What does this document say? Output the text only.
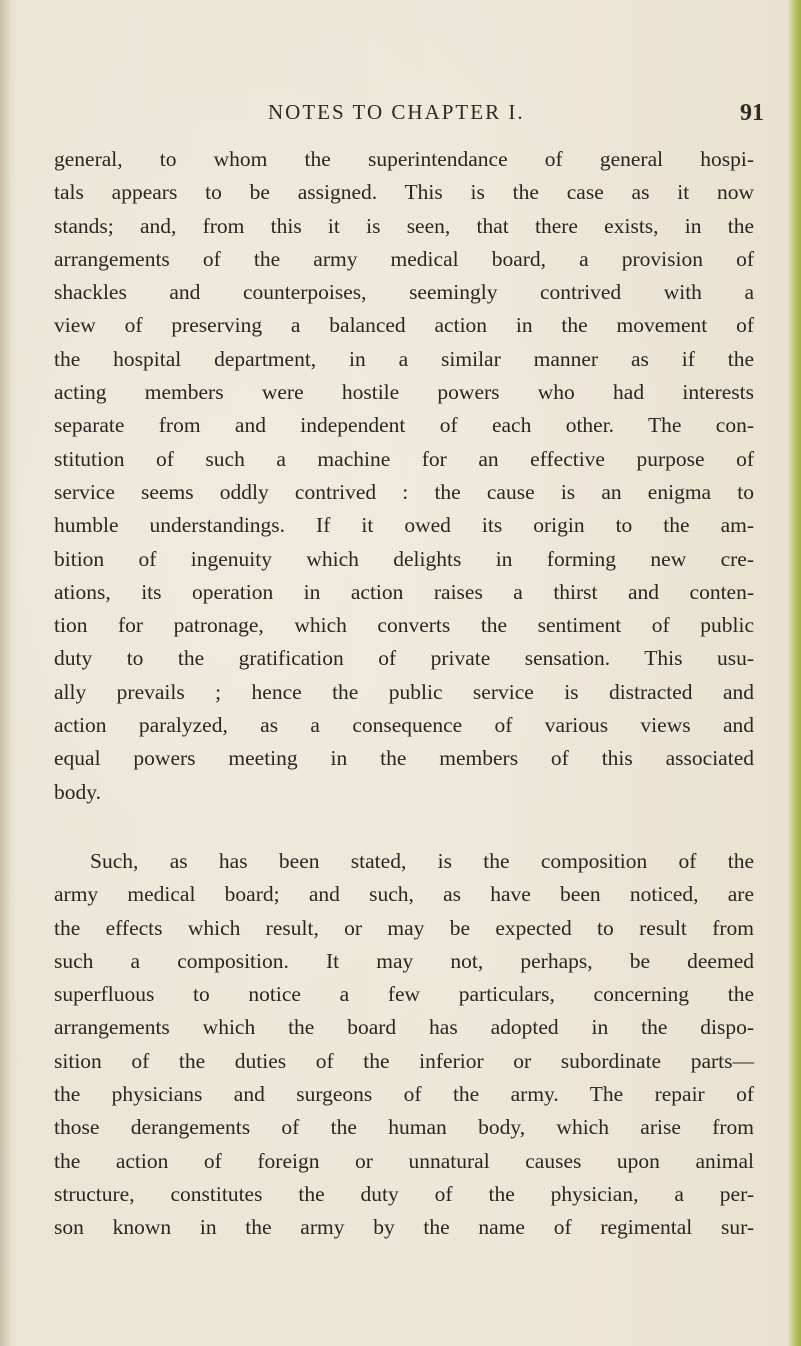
NOTES TO CHAPTER I.	91
general, to whom the superintendance of general hospi-
tals appears to be assigned. This is the case as it now
stands; and, from this it is seen, that there exists, in the
arrangements of the army medical board, a provision of
shackles and counterpoises, seemingly contrived with a
view of preserving a balanced action in the movement of
the hospital department, in a similar manner as if the
acting members were hostile powers who had interests
separate from and independent of each other. The con-
stitution of such a machine for an effective purpose of
service seems oddly contrived : the cause is an enigma to
humble understandings. If it owed its origin to the am-
bition of ingenuity which delights in forming new cre-
ations, its operation in action raises a thirst and conten-
tion for patronage, which converts the sentiment of public
duty to the gratification of private sensation. This usu-
ally prevails ; hence the public service is distracted and
action paralyzed, as a consequence of various views and
equal powers meeting in the members of this associated
body.
Such, as has been stated, is the composition of the
army medical board; and such, as have been noticed, are
the effects which result, or may be expected to result from
such a composition. It may not, perhaps, be deemed
superfluous to notice a few particulars, concerning the
arrangements which the board has adopted in the dispo-
sition of the duties of the inferior or subordinate parts—
the physicians and surgeons of the army. The repair of
those derangements of the human body, which arise from
the action of foreign or unnatural causes upon animal
structure, constitutes the duty of the physician, a per-
son known in the army by the name of regimental sur-
